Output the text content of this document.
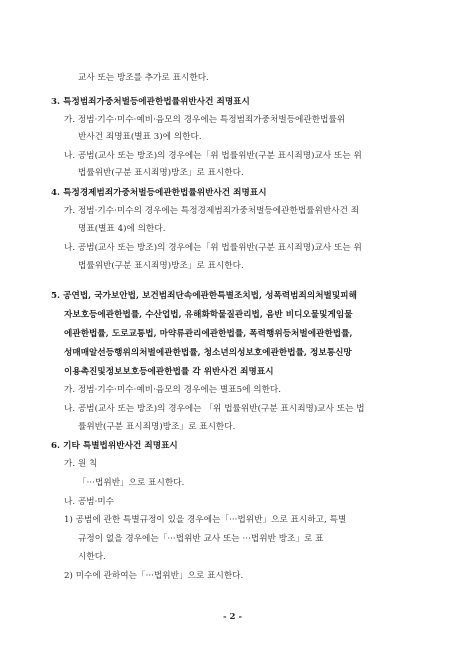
교사 또는 방조를 추가로 표시한다.
3. 특정범죄가중처벌등에관한법률위반사건 죄명표시
가. 정범·기수·미수·예비·음모의 경우에는 특정범죄가중처벌등에관한법률위
반사건 죄명표(별표 3)에 의한다.
나. 공범(교사 또는 방조)의 경우에는「위 법률위반(구분 표시죄명)교사 또는 위
법률위반(구분 표시죄명)방조」로 표시한다.
4. 특정경제범죄가중처벌등에관한법률위반사건 죄명표시
가. 정범·기수·미수의 경우에는 특정경제범죄가중처벌등에관한법률위반사건 죄
명표(별표 4)에 의한다.
나. 공범(교사 또는 방조)의 경우에는「위 법률위반(구분 표시죄명)교사 또는 위
법률위반(구분 표시죄명)방조」로 표시한다.
5. 공연법, 국가보안법, 보건범죄단속에관한특별조치법, 성폭력범죄의처벌및피해
자보호등에관한법률, 수산업법, 유해화학물질관리법, 음반 비디오물및게임물
에관한법률, 도로교통법, 마약류관리에관한법률, 폭력행위등처벌에관한법률,
성매매알선등행위의처벌에관한법률, 청소년의성보호에관한법률, 정보통신망
이용촉진및정보보호등에관한법률 각 위반사건 죄명표시
가. 정범·기수·미수·예비·음모의 경우에는 별표5에 의한다.
나. 공범(교사 또는 방조)의 경우에는 「위 법률위반(구분 표시죄명)교사 또는 법
률위반(구분 표시죄명)방조」로 표시한다.
6. 기타 특별법위반사건 죄명표시
가. 원 칙
「···법위반」으로 표시한다.
나. 공범·미수
1) 공범에 관한 특별규정이 있을 경우에는「···법위반」으로 표시하고, 특별
규정이 없을 경우에는「···법위반 교사 또는 ···법위반 방조」로 표
시한다.
2) 미수에 관하여는「···법위반」으로 표시한다.
- 2 -
